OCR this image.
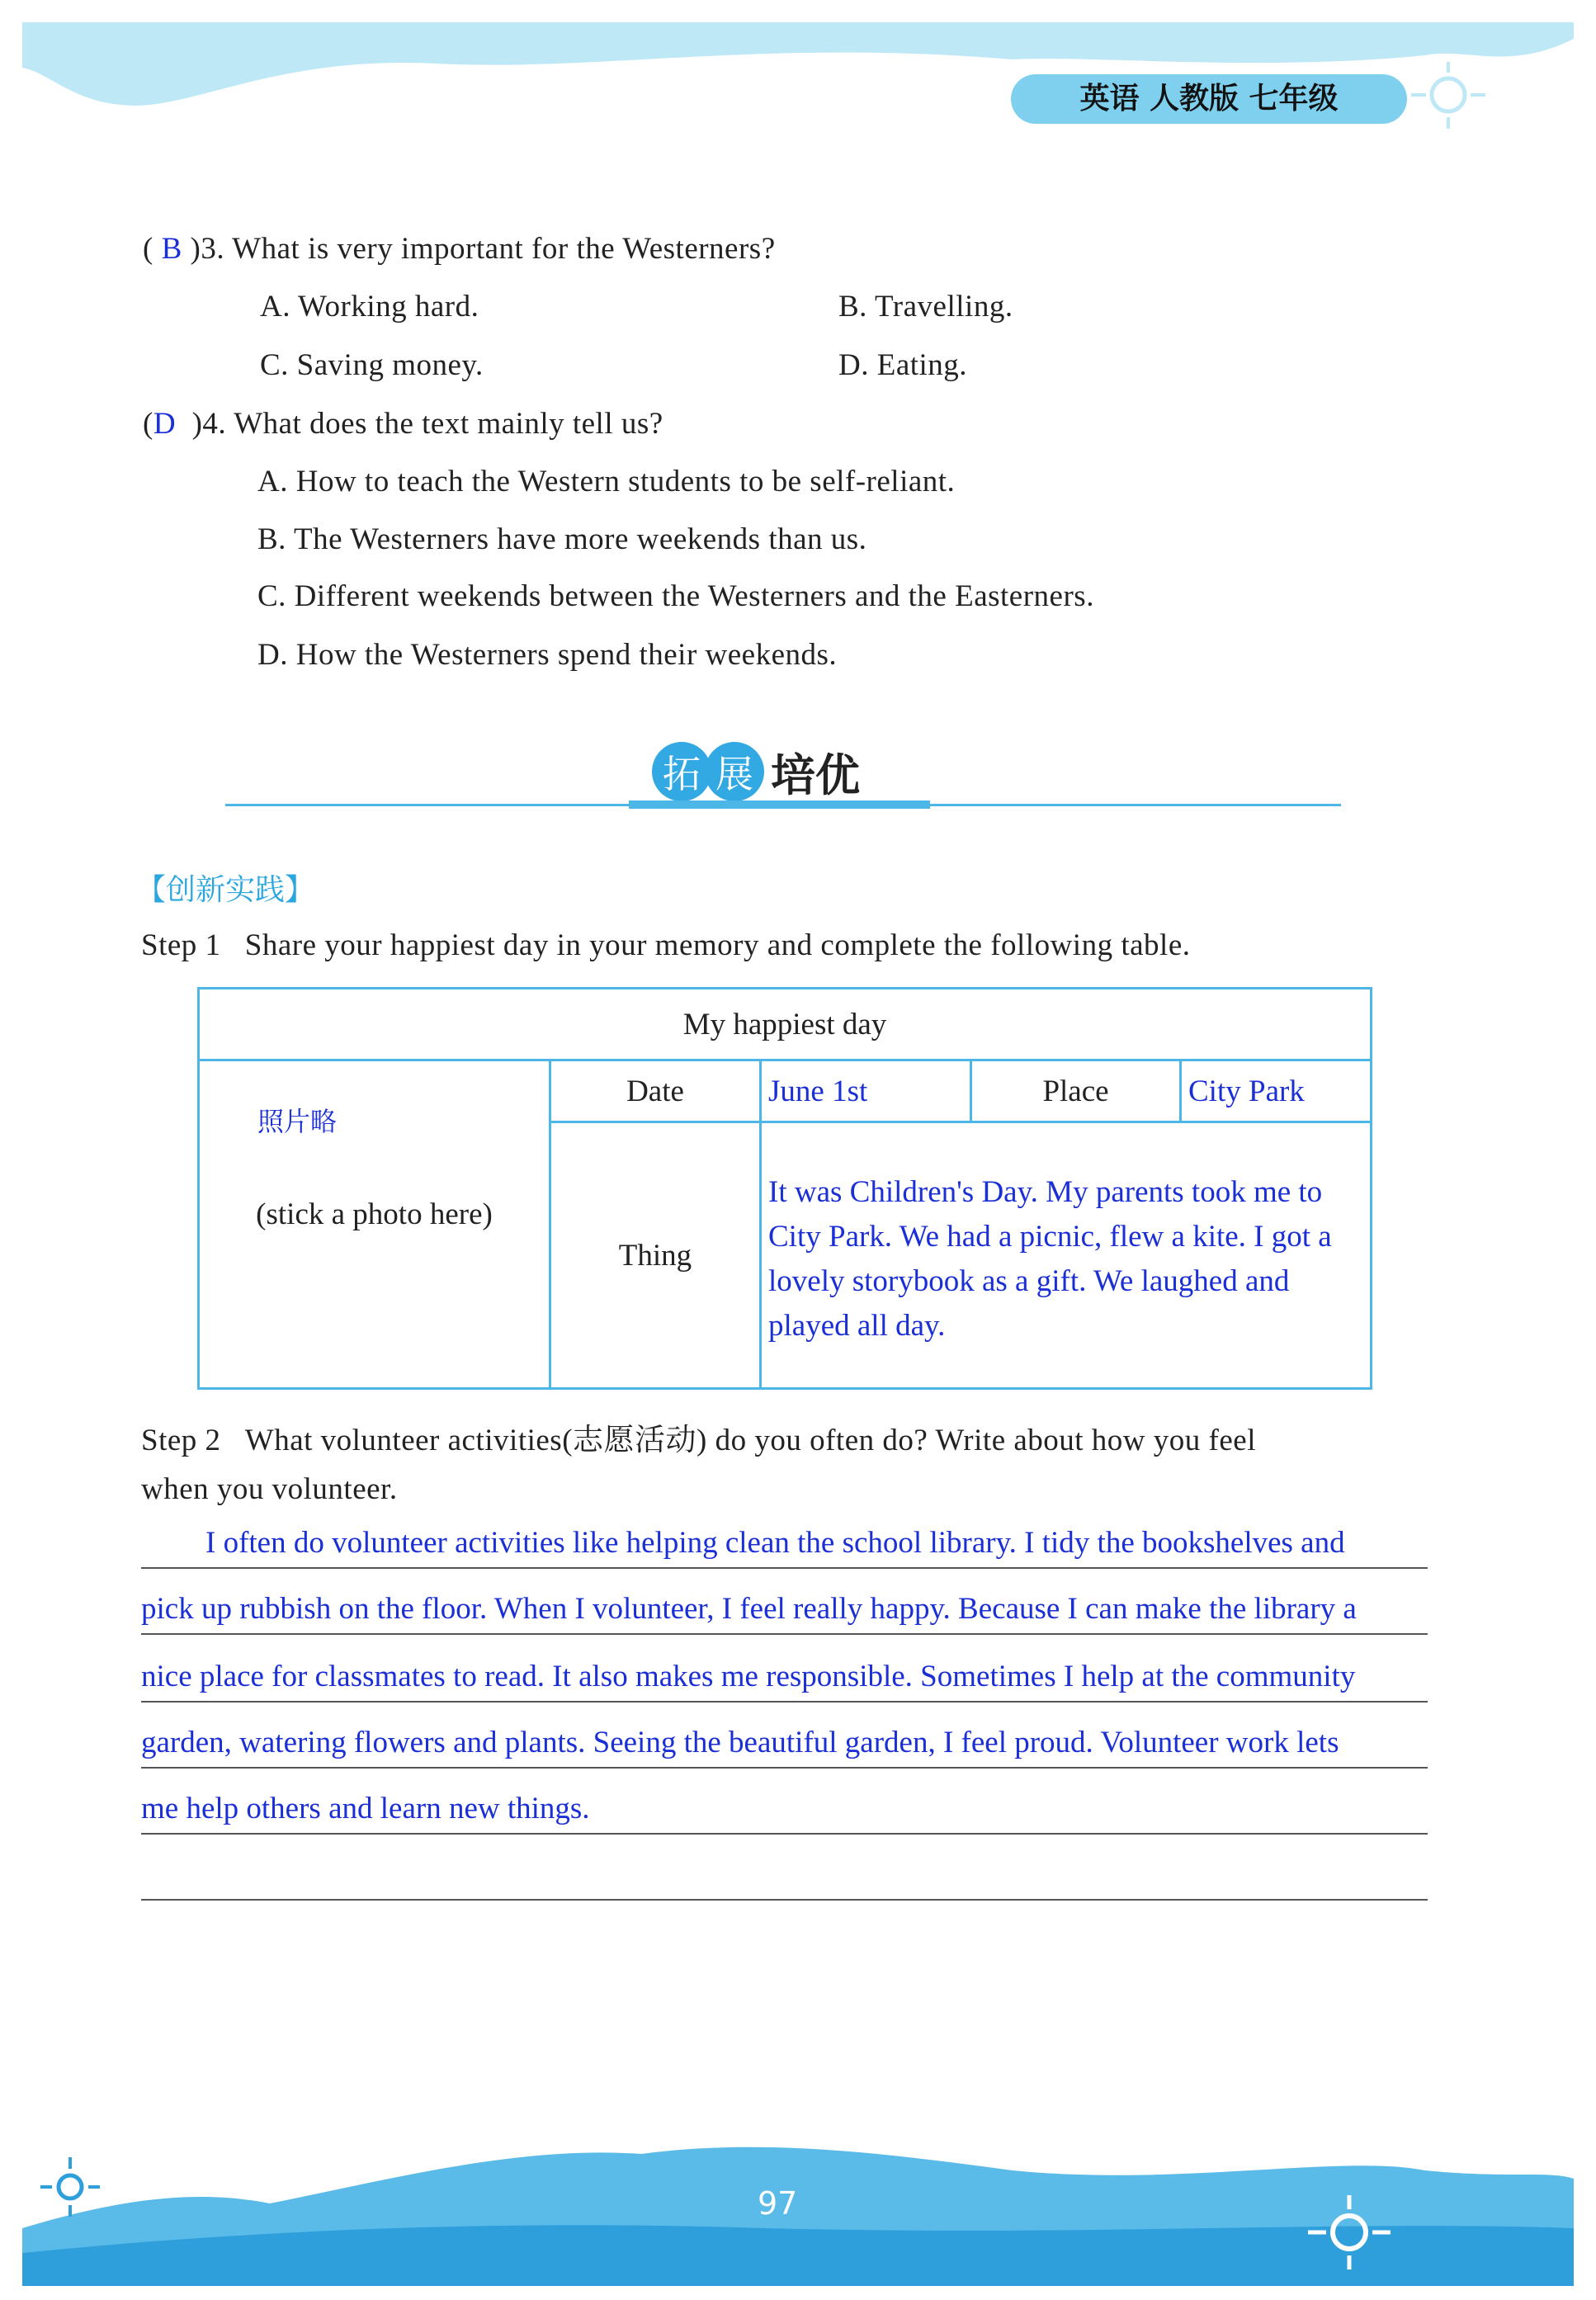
英语 人教版 七年级
( B )3. What is very important for the Westerners?
A. Working hard.	B. Travelling.
C. Saving money.	D. Eating.
(D )4. What does the text mainly tell us?
A. How to teach the Western students to be self-reliant.
B. The Westerners have more weekends than us.
C. Different weekends between the Westerners and the Easterners.
D. How the Westerners spend their weekends.
拓 展 培优
【创新实践】
Step 1 Share your happiest day in your memory and complete the following table.
My happiest day				

照片略
(stick a photo here)	Date	June 1st	Place	City Park
	Thing	It was Children's Day. My parents took me to
City Park. We had a picnic, flew a kite. I got a
lovely storybook as a gift. We laughed and
played all day.		
Step 2 What volunteer activities(志愿活动) do you often do? Write about how you feel
when you volunteer.
I often do volunteer activities like helping clean the school library. I tidy the bookshelves and
pick up rubbish on the floor. When I volunteer, I feel really happy. Because I can make the library a
nice place for classmates to read. It also makes me responsible. Sometimes I help at the community
garden, watering flowers and plants. Seeing the beautiful garden, I feel proud. Volunteer work lets
me help others and learn new things.
97
